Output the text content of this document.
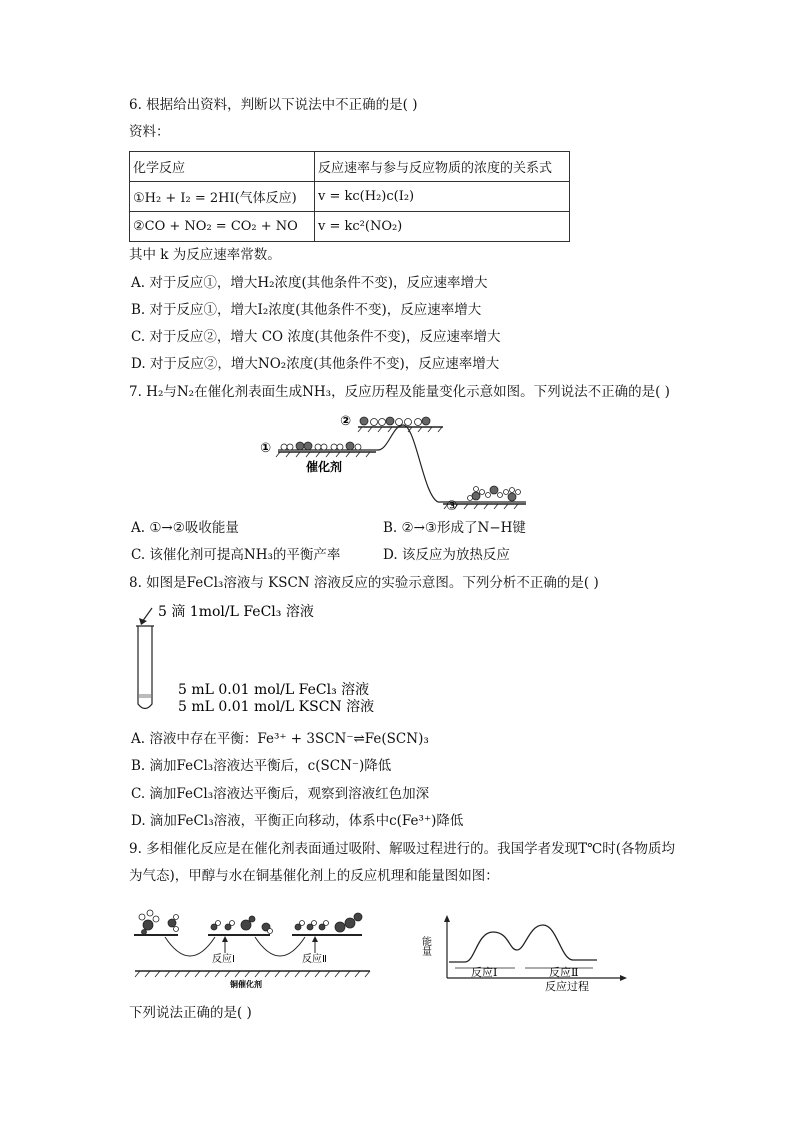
6. 根据给出资料，判断以下说法中不正确的是( )
资料：
化学反应	反应速率与参与反应物质的浓度的关系式
①H₂ + I₂ = 2HI(气体反应)	v = kc(H₂)c(I₂)
②CO + NO₂ = CO₂ + NO	v = kc²(NO₂)
其中 k 为反应速率常数。
A. 对于反应①，增大H₂浓度(其他条件不变)，反应速率增大
B. 对于反应①，增大I₂浓度(其他条件不变)，反应速率增大
C. 对于反应②，增大 CO 浓度(其他条件不变)，反应速率增大
D. 对于反应②，增大NO₂浓度(其他条件不变)，反应速率增大
7. H₂与N₂在催化剂表面生成NH₃，反应历程及能量变化示意如图。下列说法不正确的是( )
①
②
③
催化剂
A. ①→②吸收能量	B. ②→③形成了N−H键
C. 该催化剂可提高NH₃的平衡产率	D. 该反应为放热反应
8. 如图是FeCl₃溶液与 KSCN 溶液反应的实验示意图。下列分析不正确的是( )
5 滴 1mol/L FeCl₃ 溶液
5 mL 0.01 mol/L FeCl₃ 溶液
5 mL 0.01 mol/L KSCN 溶液
A. 溶液中存在平衡：Fe³⁺ + 3SCN⁻⇌Fe(SCN)₃
B. 滴加FeCl₃溶液达平衡后，c(SCN⁻)降低
C. 滴加FeCl₃溶液达平衡后，观察到溶液红色加深
D. 滴加FeCl₃溶液，平衡正向移动，体系中c(Fe³⁺)降低
9. 多相催化反应是在催化剂表面通过吸附、解吸过程进行的。我国学者发现T℃时(各物质均
为气态)，甲醇与水在铜基催化剂上的反应机理和能量图如图：
反应Ⅰ	反应Ⅱ
铜催化剂
能量
反应Ⅰ	反应Ⅱ
反应过程
下列说法正确的是( )
